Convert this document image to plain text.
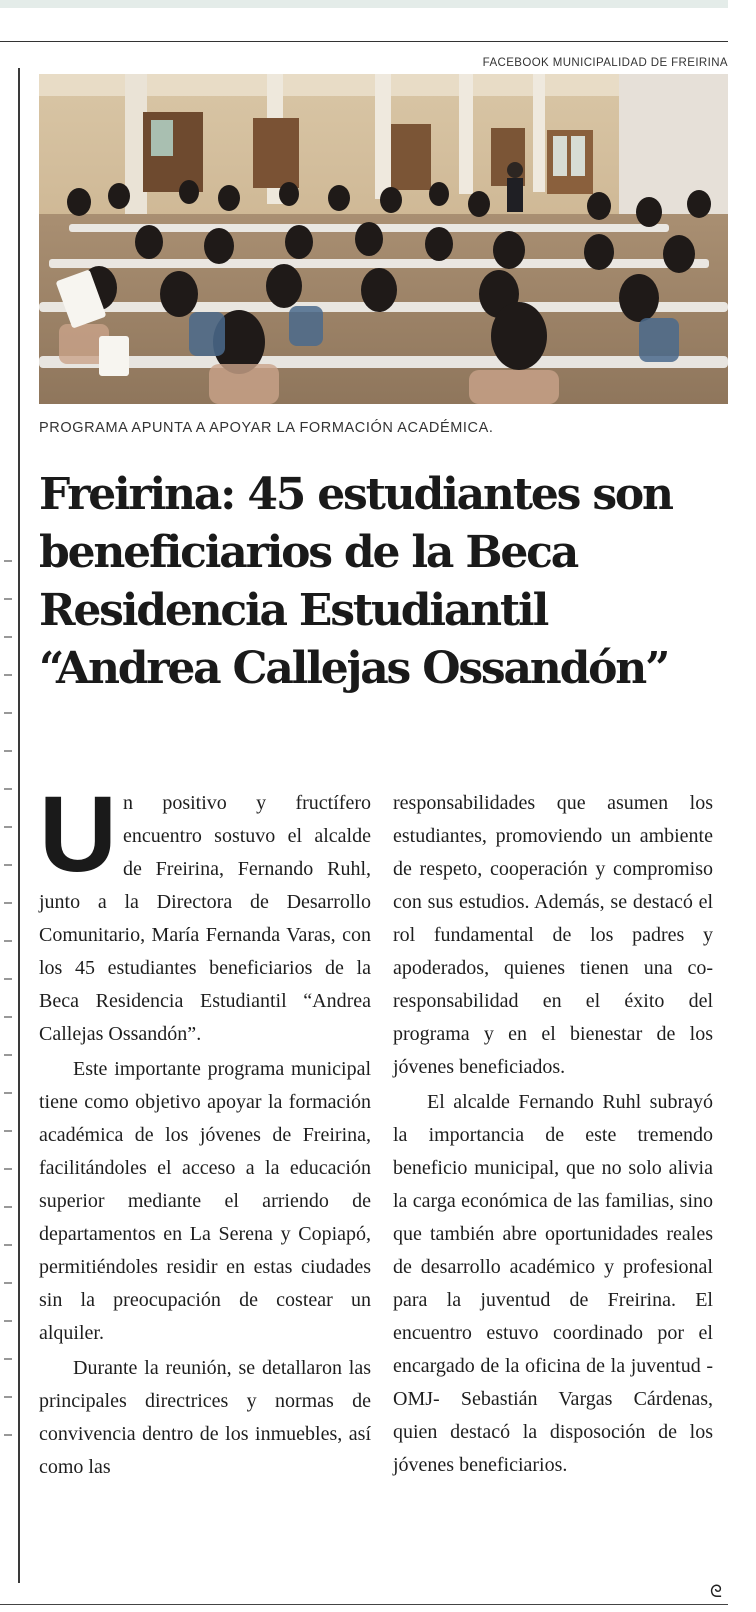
FACEBOOK MUNICIPALIDAD DE FREIRINA
PROGRAMA APUNTA A APOYAR LA FORMACIÓN ACADÉMICA.
Freirina: 45 estudiantes son
beneficiarios de la Beca
Residencia Estudiantil
“Andrea Callejas Ossandón”

Un positivo y fructífero encuentro sostuvo el alcalde de Freirina, Fernando Ruhl, junto a la Directora de Desarrollo Comunitario, María Fernanda Varas, con los 45 estudiantes beneficiarios de la Beca Residencia Estudiantil “Andrea Callejas Ossandón”.

Este importante programa municipal tiene como objetivo apoyar la formación académica de los jóvenes de Freirina, facilitándoles el acceso a la educación superior mediante el arriendo de departamentos en La Serena y Copiapó, permitiéndoles residir en estas ciudades sin la preocupación de costear un alquiler.

Durante la reunión, se detallaron las principales directrices y normas de convivencia dentro de los inmuebles, así como las

responsabilidades que asumen los estudiantes, promoviendo un ambiente de respeto, cooperación y compromiso con sus estudios. Además, se destacó el rol fundamental de los padres y apoderados, quienes tienen una co-responsabilidad en el éxito del programa y en el bienestar de los jóvenes beneficiados.

El alcalde Fernando Ruhl subrayó la importancia de este tremendo beneficio municipal, que no solo alivia la carga económica de las familias, sino que también abre oportunidades reales de desarrollo académico y profesional para la juventud de Freirina. El encuentro estuvo coordinado por el encargado de la oficina de la juventud -OMJ- Sebastián Vargas Cárdenas, quien destacó la disposoción de los jóvenes beneficiarios.

ᘓ
